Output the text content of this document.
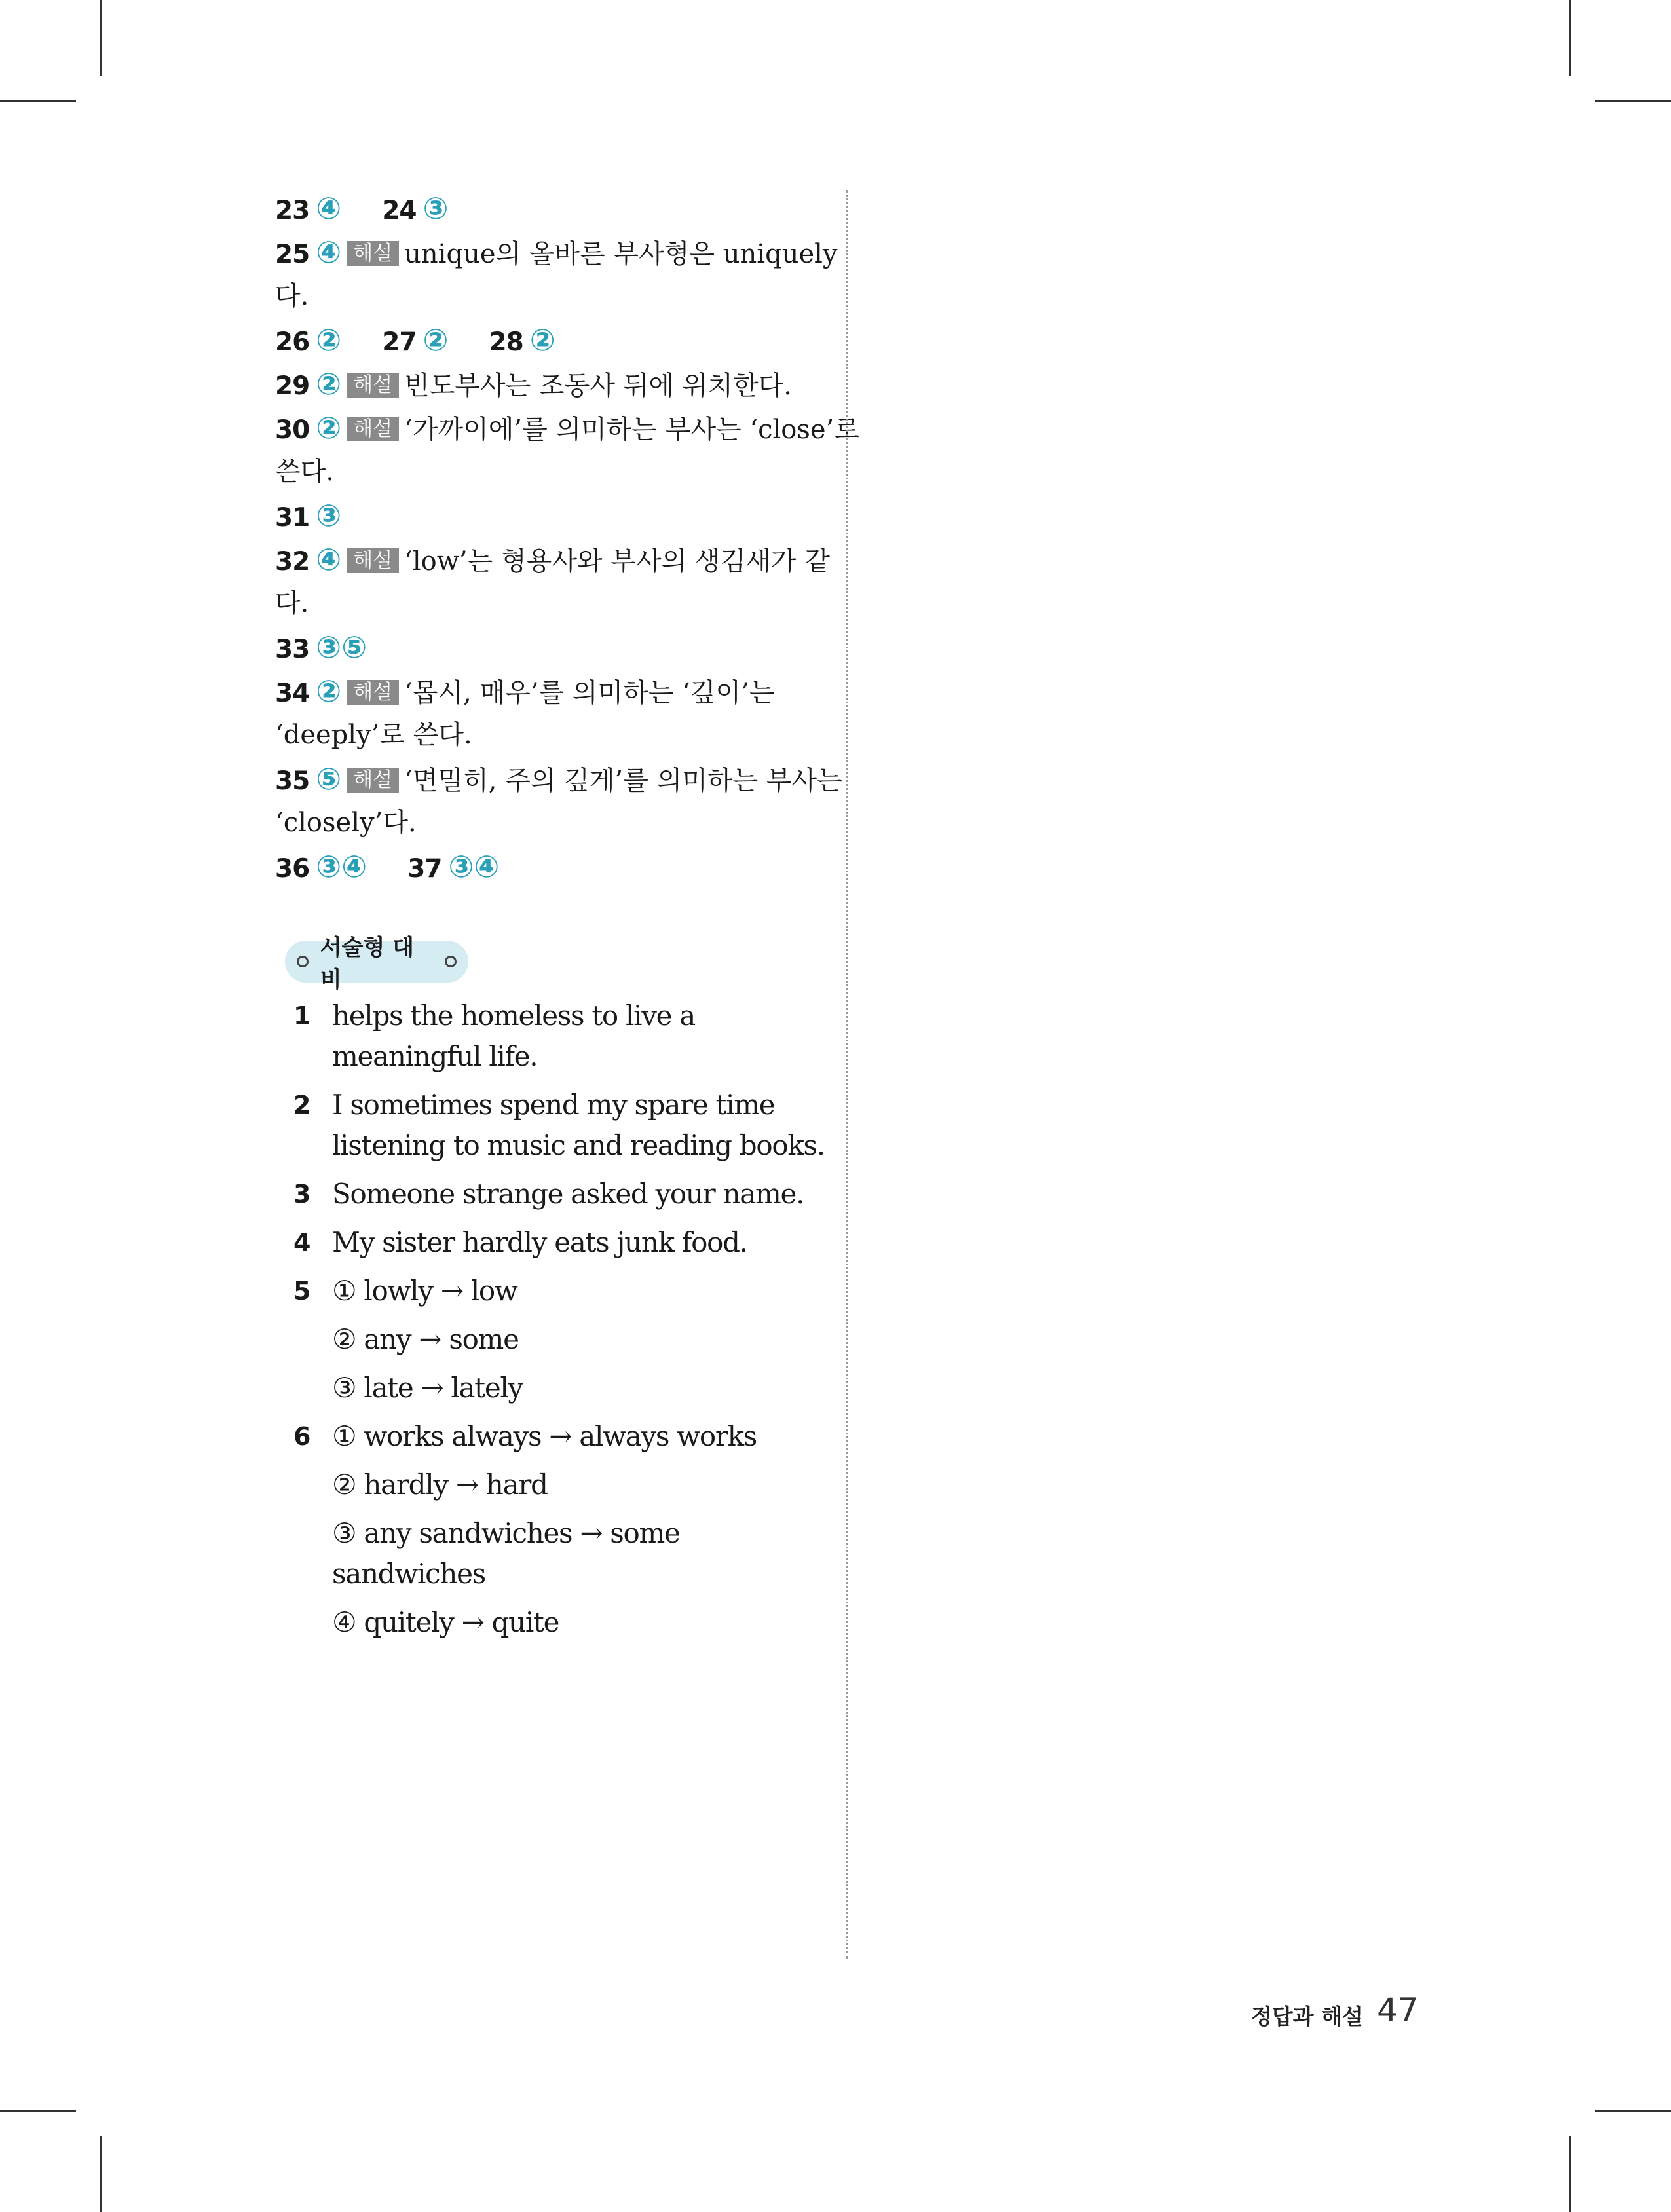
23 ④ 24 ③
25 ④ 해설 unique의 올바른 부사형은 uniquely
다.
26 ② 27 ② 28 ②
29 ② 해설 빈도부사는 조동사 뒤에 위치한다.
30 ② 해설 ‘가까이에’를 의미하는 부사는 ‘close’로
쓴다.
31 ③
32 ④ 해설 ‘low’는 형용사와 부사의 생김새가 같
다.
33 ③⑤
34 ② 해설 ‘몹시, 매우’를 의미하는 ‘깊이’는
‘deeply’로 쓴다.
35 ⑤ 해설 ‘면밀히, 주의 깊게’를 의미하는 부사는
‘closely’다.
36 ③④ 37 ③④
서술형 대비
1 helps the homeless to live a meaningful life.
2 I sometimes spend my spare time listening to music and reading books.
3 Someone strange asked your name.
4 My sister hardly eats junk food.
5 ① lowly → low
② any → some
③ late → lately
6 ① works always → always works
② hardly → hard
③ any sandwiches → some sandwiches
④ quitely → quite
정답과 해설 47
